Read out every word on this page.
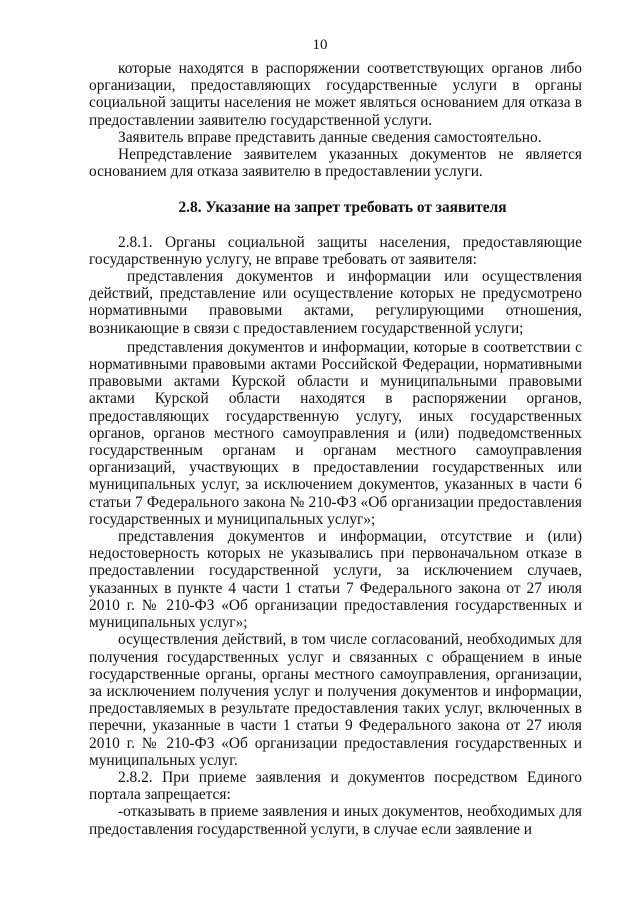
10

которые находятся в распоряжении соответствующих органов либо организации, предоставляющих государственные услуги в органы социальной защиты населения не может являться основанием для отказа в предоставлении заявителю государственной услуги.

Заявитель вправе представить данные сведения самостоятельно.

Непредставление заявителем указанных документов не является основанием для отказа заявителю в предоставлении услуги.

2.8. Указание на запрет требовать от заявителя

2.8.1. Органы социальной защиты населения, предоставляющие государственную услугу, не вправе требовать от заявителя:

представления документов и информации или осуществления действий, представление или осуществление которых не предусмотрено нормативными правовыми актами, регулирующими отношения, возникающие в связи с предоставлением государственной услуги;

представления документов и информации, которые в соответствии с нормативными правовыми актами Российской Федерации, нормативными правовыми актами Курской области и муниципальными правовыми актами Курской области находятся в распоряжении органов, предоставляющих государственную услугу, иных государственных органов, органов местного самоуправления и (или) подведомственных государственным органам и органам местного самоуправления организаций, участвующих в предоставлении государственных или муниципальных услуг, за исключением документов, указанных в части 6 статьи 7 Федерального закона № 210-ФЗ «Об организации предоставления государственных и муниципальных услуг»;

представления документов и информации, отсутствие и (или) недостоверность которых не указывались при первоначальном отказе в предоставлении государственной услуги, за исключением случаев, указанных в пункте 4 части 1 статьи 7 Федерального закона от 27 июля 2010 г. № 210-ФЗ «Об организации предоставления государственных и муниципальных услуг»;

осуществления действий, в том числе согласований, необходимых для получения государственных услуг и связанных с обращением в иные государственные органы, органы местного самоуправления, организации, за исключением получения услуг и получения документов и информации, предоставляемых в результате предоставления таких услуг, включенных в перечни, указанные в части 1 статьи 9 Федерального закона от 27 июля 2010 г. № 210-ФЗ «Об организации предоставления государственных и муниципальных услуг.

2.8.2. При приеме заявления и документов посредством Единого портала запрещается:

-отказывать в приеме заявления и иных документов, необходимых для предоставления государственной услуги, в случае если заявление и
